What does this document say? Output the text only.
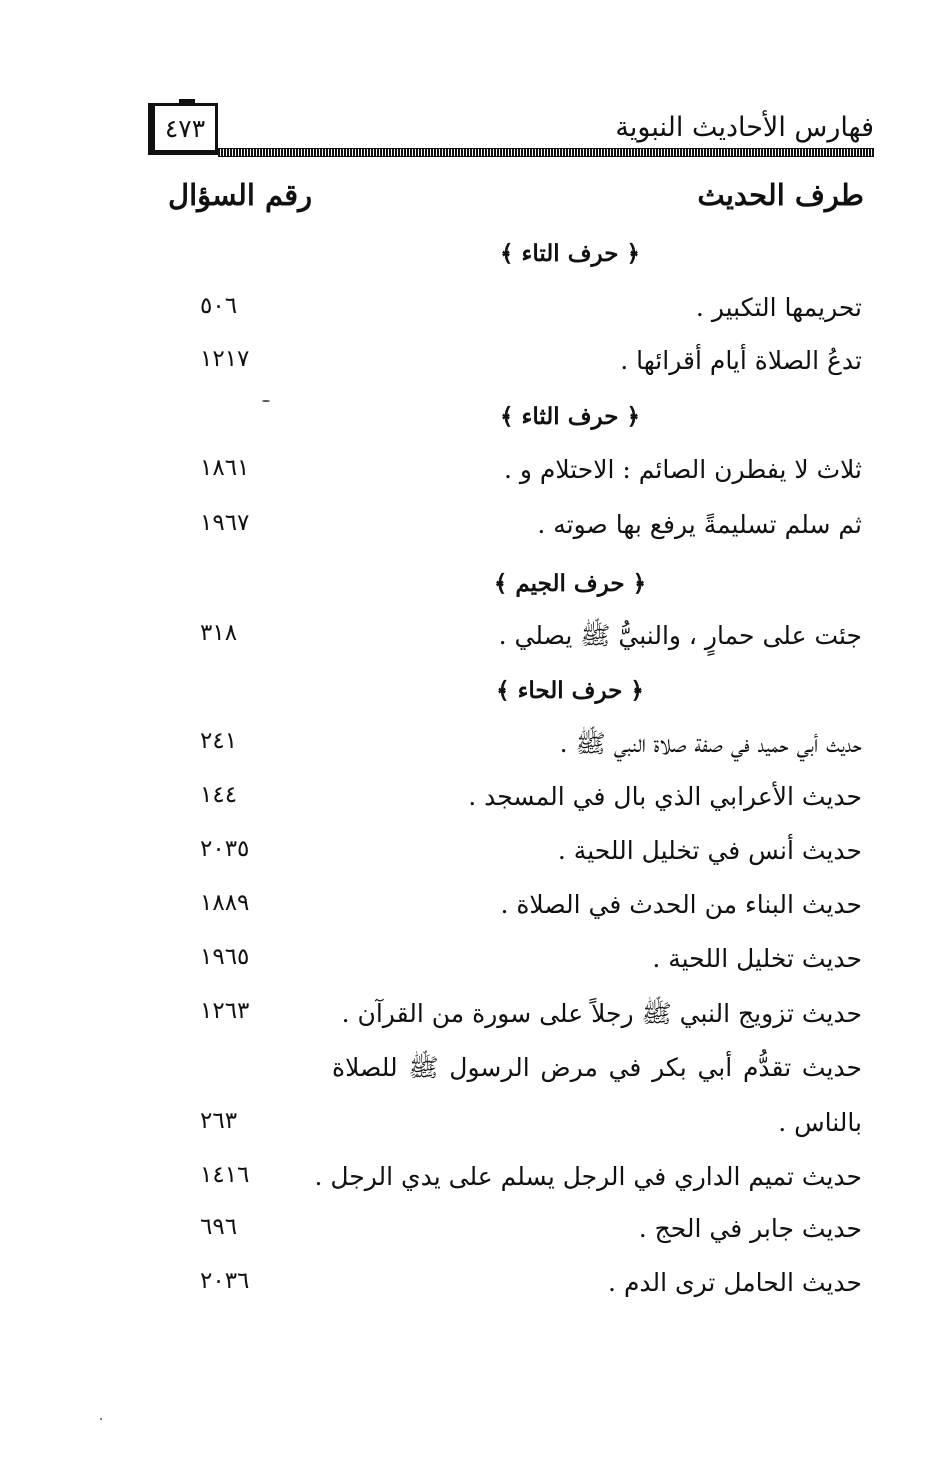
٤٧٣	فهارس الأحاديث النبوية
رقم السؤال	طرف الحديث
﴿ حرف التاء ﴾
تحريمها التكبير .
٥٠٦
تدعُ الصلاة أيام أقرائها .
١٢١٧
﴿ حرف الثاء ﴾
ثلاث لا يفطرن الصائم : الاحتلام و .
١٨٦١
ثم سلم تسليمةً يرفع بها صوته .
١٩٦٧
﴿ حرف الجيم ﴾
جئت على حمارٍ ، والنبيُّ ﷺ يصلي .
٣١٨
﴿ حرف الحاء ﴾
حديث أبي حميد في صفة صلاة النبي ﷺ .
٢٤١
حديث الأعرابي الذي بال في المسجد .
١٤٤
حديث أنس في تخليل اللحية .
٢٠٣٥
حديث البناء من الحدث في الصلاة .
١٨٨٩
حديث تخليل اللحية .
١٩٦٥
حديث تزويج النبي ﷺ رجلاً على سورة من القرآن .
١٢٦٣
حديث تقدُّم أبي بكر في مرض الرسول ﷺ للصلاة
بالناس .
٢٦٣
حديث تميم الداري في الرجل يسلم على يدي الرجل .
١٤١٦
حديث جابر في الحج .
٦٩٦
حديث الحامل ترى الدم .
٢٠٣٦
